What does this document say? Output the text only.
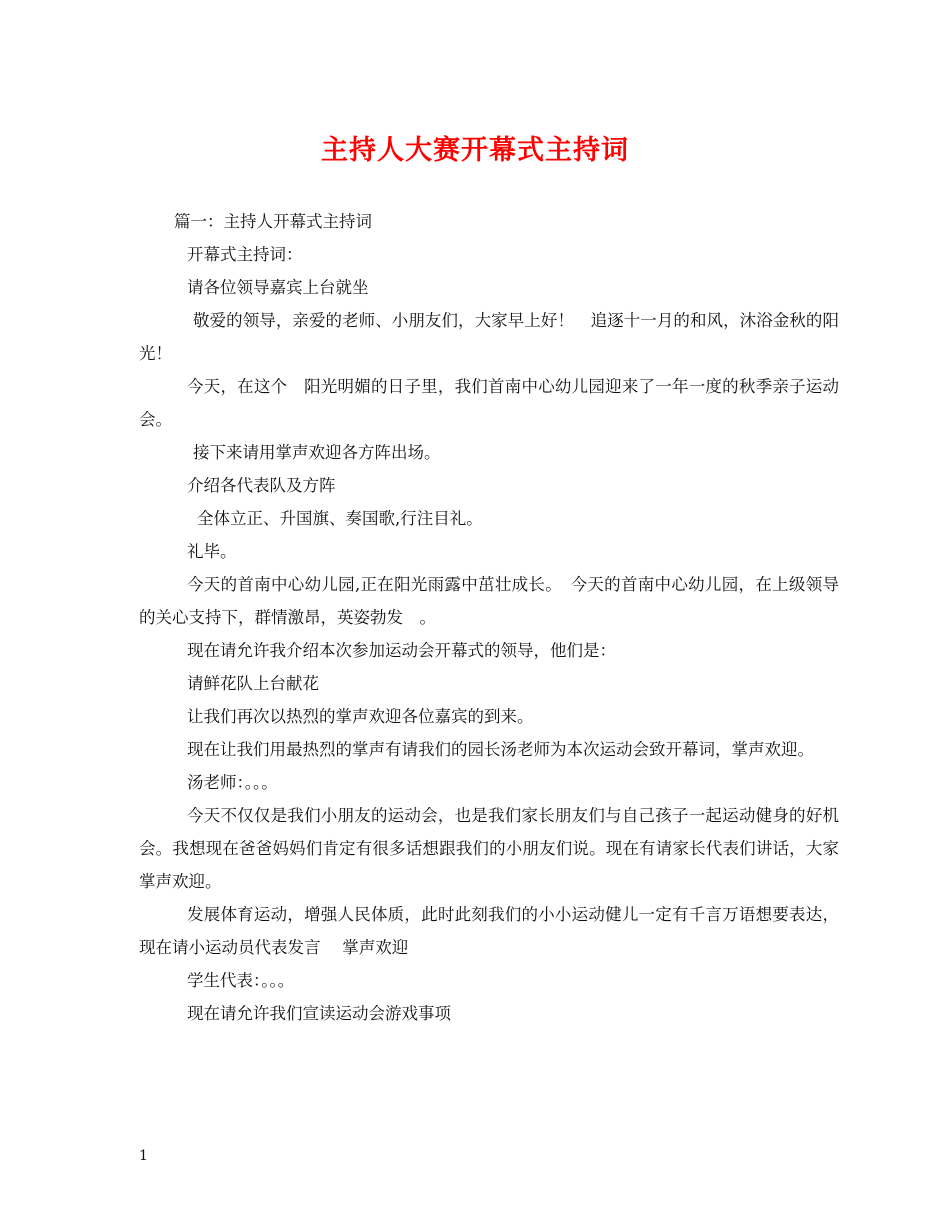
主持人大赛开幕式主持词

篇一：主持人开幕式主持词

开幕式主持词：

请各位领导嘉宾上台就坐

敬爱的领导，亲爱的老师、小朋友们，大家早上好！　追逐十一月的和风，沐浴金秋的阳光！

今天，在这个　阳光明媚的日子里，我们首南中心幼儿园迎来了一年一度的秋季亲子运动会。

接下来请用掌声欢迎各方阵出场。

介绍各代表队及方阵

全体立正、升国旗、奏国歌,行注目礼。

礼毕。

今天的首南中心幼儿园,正在阳光雨露中茁壮成长。　今天的首南中心幼儿园，在上级领导的关心支持下，群情激昂，英姿勃发　。

现在请允许我介绍本次参加运动会开幕式的领导，他们是：

请鲜花队上台献花

让我们再次以热烈的掌声欢迎各位嘉宾的到来。

现在让我们用最热烈的掌声有请我们的园长汤老师为本次运动会致开幕词，掌声欢迎。

汤老师：。。。

今天不仅仅是我们小朋友的运动会，也是我们家长朋友们与自己孩子一起运动健身的好机会。我想现在爸爸妈妈们肯定有很多话想跟我们的小朋友们说。现在有请家长代表们讲话，大家掌声欢迎。

发展体育运动，增强人民体质，此时此刻我们的小小运动健儿一定有千言万语想要表达，现在请小运动员代表发言　 掌声欢迎

学生代表：。。。

现在请允许我们宣读运动会游戏事项

1
